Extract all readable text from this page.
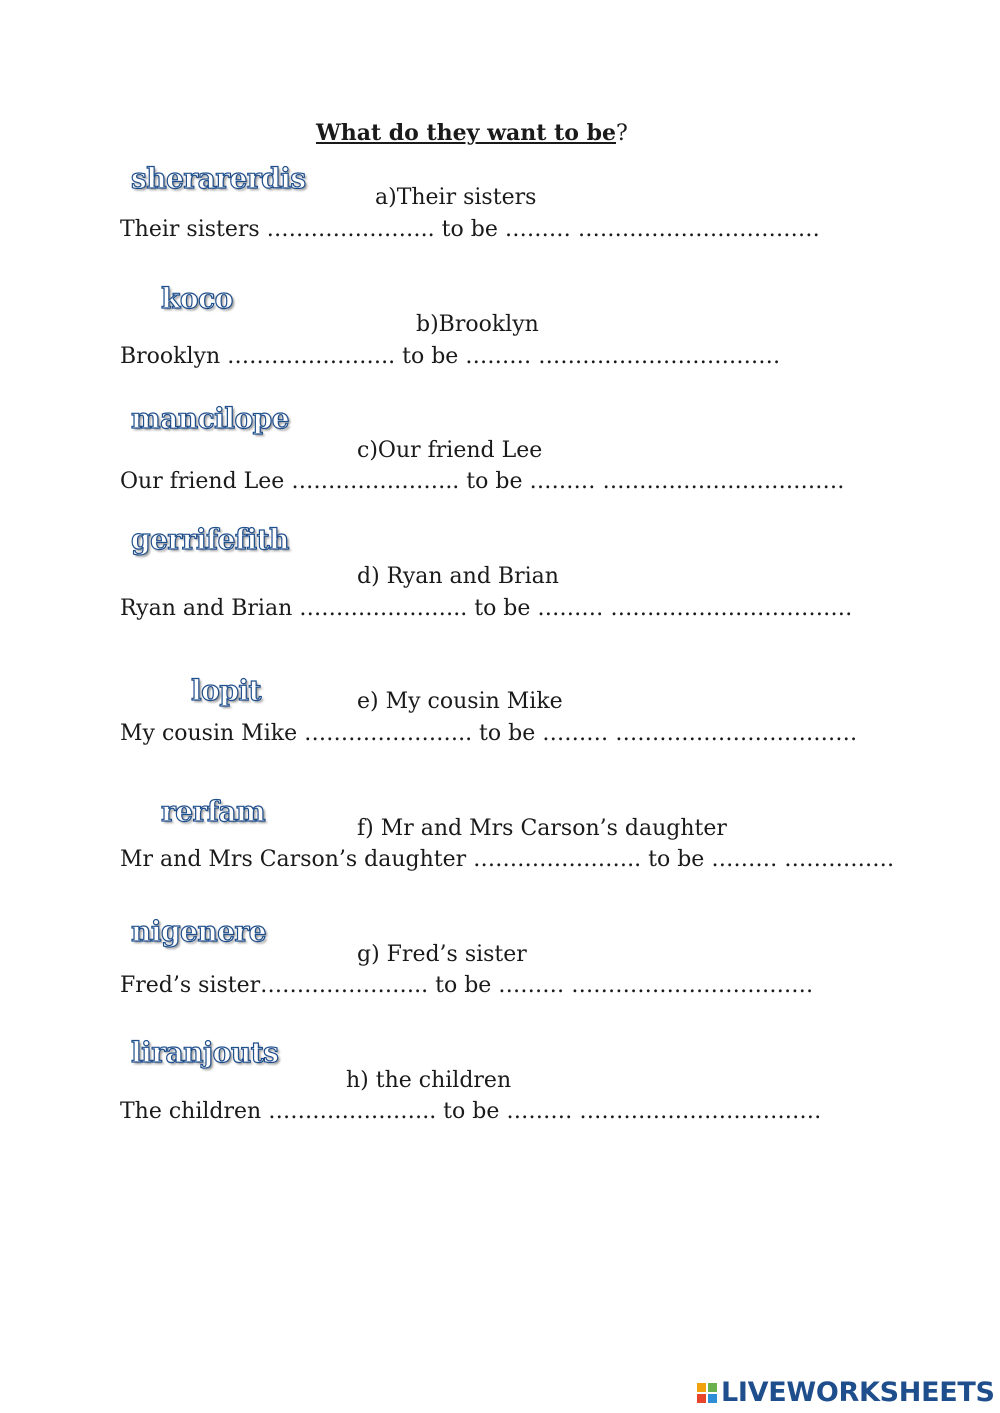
What do they want to be?
sherarerdis
a)Their sisters
Their sisters ………………….. to be ……… ……………………………
koco
b)Brooklyn
Brooklyn ………………….. to be ……… ……………………………
mancilope
c)Our friend Lee
Our friend Lee ………………….. to be ……… ……………………………
gerrifefith
d) Ryan and Brian
Ryan and Brian ………………….. to be ……… ……………………………
lopit	e) My cousin Mike
My cousin Mike ………………….. to be ……… ……………………………
rerfam
f) Mr and Mrs Carson’s daughter
Mr and Mrs Carson’s daughter ………………….. to be ……… ……………
nigenere
g) Fred’s sister
Fred’s sister………………….. to be ……… ……………………………
liranjouts
h) the children
The children ………………….. to be ……… ……………………………
LIVEWORKSHEETS
